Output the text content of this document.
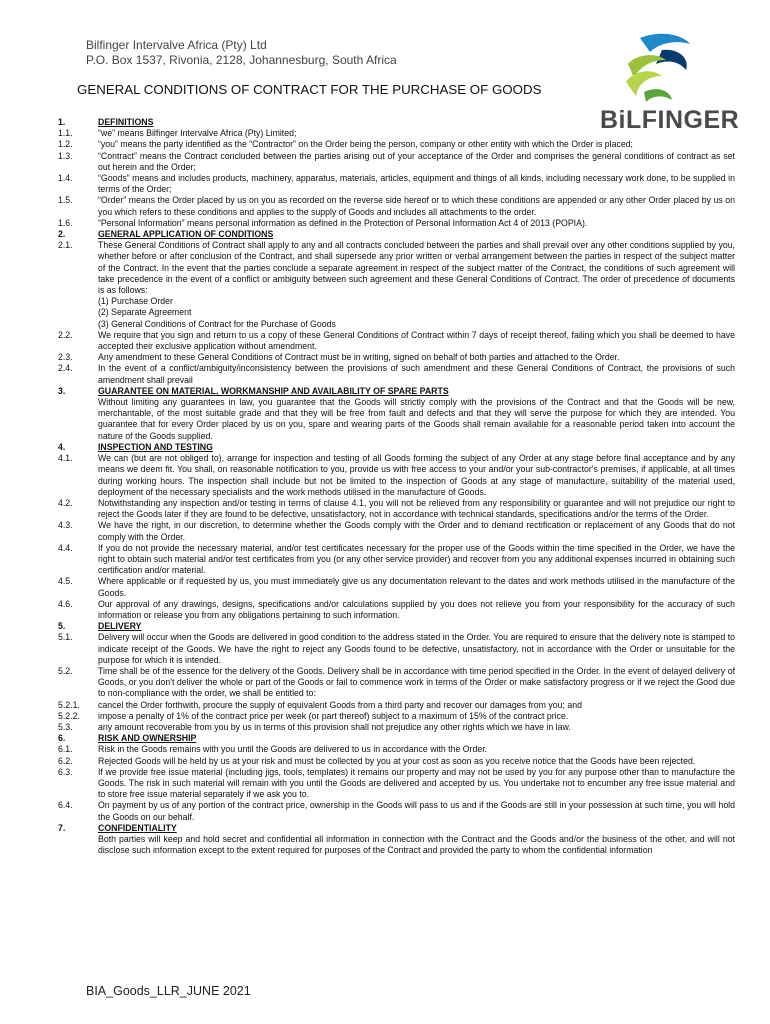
Bilfinger Intervalve Africa (Pty) Ltd
P.O. Box 1537, Rivonia, 2128, Johannesburg, South Africa
BiLFINGER
GENERAL CONDITIONS OF CONTRACT FOR THE PURCHASE OF GOODS
1.	DEFINITIONS
1.1.	“we” means Bilfinger Intervalve Africa (Pty) Limited;
1.2.	“you” means the party identified as the “Contractor” on the Order being the person, company or other entity with which the Order is placed;
1.3.	“Contract” means the Contract concluded between the parties arising out of your acceptance of the Order and comprises the general conditions of contract as set out herein and the Order;
1.4.	“Goods” means and includes products, machinery, apparatus, materials, articles, equipment and things of all kinds, including necessary work done, to be supplied in terms of the Order;
1.5.	“Order” means the Order placed by us on you as recorded on the reverse side hereof or to which these conditions are appended or any other Order placed by us on you which refers to these conditions and applies to the supply of Goods and includes all attachments to the order.
1.6.	“Personal Information” means personal information as defined in the Protection of Personal Information Act 4 of 2013 (POPIA).
2.	GENERAL APPLICATION OF CONDITIONS
2.1.	These General Conditions of Contract shall apply to any and all contracts concluded between the parties and shall prevail over any other conditions supplied by you, whether before or after conclusion of the Contract, and shall supersede any prior written or verbal arrangement between the parties in respect of the subject matter of the Contract. In the event that the parties conclude a separate agreement in respect of the subject matter of the Contract, the conditions of such agreement will take precedence in the event of a conflict or ambiguity between such agreement and these General Conditions of Contract. The order of precedence of documents is as follows:
(1) Purchase Order
(2) Separate Agreement
(3) General Conditions of Contract for the Purchase of Goods
2.2.	We require that you sign and return to us a copy of these General Conditions of Contract within 7 days of receipt thereof, failing which you shall be deemed to have accepted their exclusive application without amendment.
2.3.	Any amendment to these General Conditions of Contract must be in writing, signed on behalf of both parties and attached to the Order.
2.4.	In the event of a conflict/ambiguity/inconsistency between the provisions of such amendment and these General Conditions of Contract, the provisions of such amendment shall prevail
3.	GUARANTEE ON MATERIAL, WORKMANSHIP AND AVAILABILITY OF SPARE PARTS
Without limiting any guarantees in law, you guarantee that the Goods will strictly comply with the provisions of the Contract and that the Goods will be new, merchantable, of the most suitable grade and that they will be free from fault and defects and that they will serve the purpose for which they are intended. You guarantee that for every Order placed by us on you, spare and wearing parts of the Goods shall remain available for a reasonable period taken into account the nature of the Goods supplied.
4.	INSPECTION AND TESTING
4.1.	We can (but are not obliged to), arrange for inspection and testing of all Goods forming the subject of any Order at any stage before final acceptance and by any means we deem fit. You shall, on reasonable notification to you, provide us with free access to your and/or your sub-contractor's premises, if applicable, at all times during working hours. The inspection shall include but not be limited to the inspection of Goods at any stage of manufacture, suitability of the material used, deployment of the necessary specialists and the work methods utilised in the manufacture of Goods.
4.2.	Notwithstanding any inspection and/or testing in terms of clause 4.1, you will not be relieved from any responsibility or guarantee and will not prejudice our right to reject the Goods later if they are found to be defective, unsatisfactory, not in accordance with technical standards, specifications and/or the terms of the Order.
4.3.	We have the right, in our discretion, to determine whether the Goods comply with the Order and to demand rectification or replacement of any Goods that do not comply with the Order.
4.4.	If you do not provide the necessary material, and/or test certificates necessary for the proper use of the Goods within the time specified in the Order, we have the right to obtain such material and/or test certificates from you (or any other service provider) and recover from you any additional expenses incurred in obtaining such certification and/or material.
4.5.	Where applicable or if requested by us, you must immediately give us any documentation relevant to the dates and work methods utilised in the manufacture of the Goods.
4.6.	Our approval of any drawings, designs, specifications and/or calculations supplied by you does not relieve you from your responsibility for the accuracy of such information or release you from any obligations pertaining to such information.
5.	DELIVERY
5.1.	Delivery will occur when the Goods are delivered in good condition to the address stated in the Order. You are required to ensure that the delivery note is stamped to indicate receipt of the Goods. We have the right to reject any Goods found to be defective, unsatisfactory, not in accordance with the Order or unsuitable for the purpose for which it is intended.
5.2.	Time shall be of the essence for the delivery of the Goods. Delivery shall be in accordance with time period specified in the Order. In the event of delayed delivery of Goods, or you don't deliver the whole or part of the Goods or fail to commence work in terms of the Order or make satisfactory progress or if we reject the Good due to non-compliance with the order, we shall be entitled to:
5.2.1.	cancel the Order forthwith, procure the supply of equivalent Goods from a third party and recover our damages from you; and
5.2.2.	impose a penalty of 1% of the contract price per week (or part thereof) subject to a maximum of 15% of the contract price.
5.3.	any amount recoverable from you by us in terms of this provision shall not prejudice any other rights which we have in law.
6.	RISK AND OWNERSHIP
6.1.	Risk in the Goods remains with you until the Goods are delivered to us in accordance with the Order.
6.2.	Rejected Goods will be held by us at your risk and must be collected by you at your cost as soon as you receive notice that the Goods have been rejected.
6.3.	If we provide free issue material (including jigs, tools, templates) it remains our property and may not be used by you for any purpose other than to manufacture the Goods. The risk in such material will remain with you until the Goods are delivered and accepted by us. You undertake not to encumber any free issue material and to store free issue material separately if we ask you to.
6.4.	On payment by us of any portion of the contract price, ownership in the Goods will pass to us and if the Goods are still in your possession at such time, you will hold the Goods on our behalf.
7.	CONFIDENTIALITY
Both parties will keep and hold secret and confidential all information in connection with the Contract and the Goods and/or the business of the other, and will not disclose such information except to the extent required for purposes of the Contract and provided the party to whom the confidential information
BIA_Goods_LLR_JUNE 2021
